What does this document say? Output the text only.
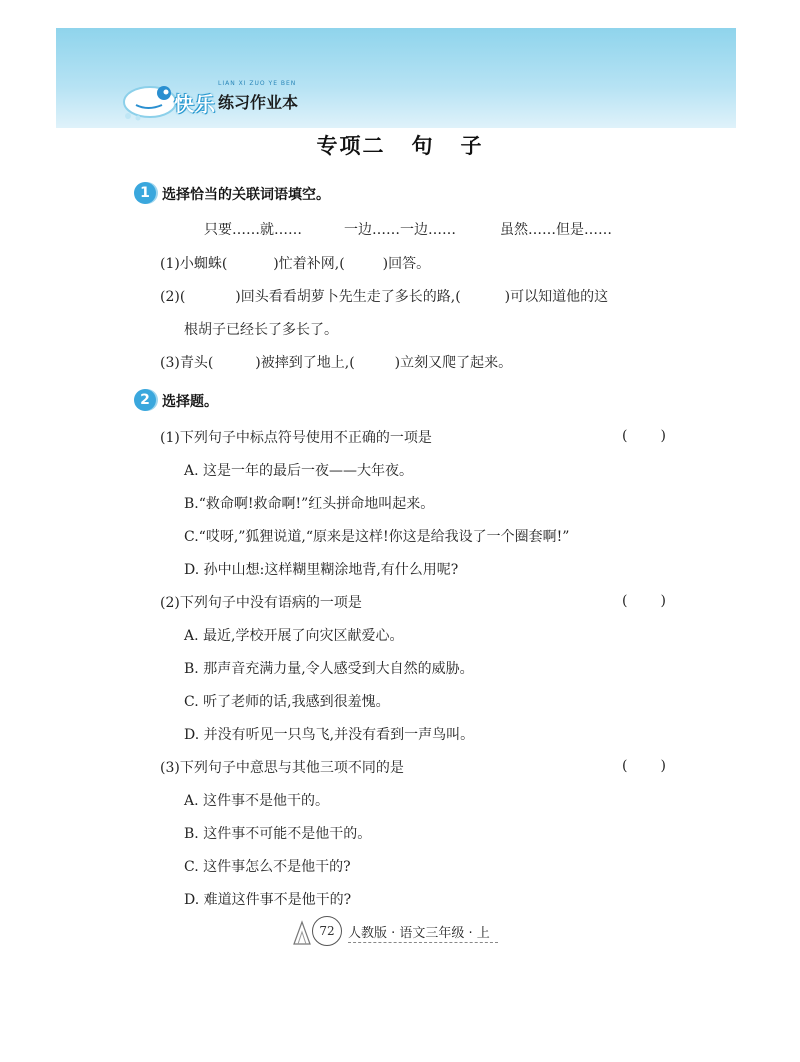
快乐
LIAN XI ZUO YE BEN
练习作业本
专项二 句 子
1 选择恰当的关联词语填空。
只要……就……	一边……一边……	虽然……但是……
(1)小蜘蛛(	)忙着补网,(	)回答。
(2)(	)回头看看胡萝卜先生走了多长的路,(	)可以知道他的这
根胡子已经长了多长了。
(3)青头(	)被摔到了地上,(	)立刻又爬了起来。
2 选择题。
(1)下列句子中标点符号使用不正确的一项是	( )
A. 这是一年的最后一夜——大年夜。
B.“救命啊!救命啊!”红头拼命地叫起来。
C.“哎呀,”狐狸说道,“原来是这样!你这是给我设了一个圈套啊!”
D. 孙中山想:这样糊里糊涂地背,有什么用呢?
(2)下列句子中没有语病的一项是	( )
A. 最近,学校开展了向灾区献爱心。
B. 那声音充满力量,令人感受到大自然的威胁。
C. 听了老师的话,我感到很羞愧。
D. 并没有听见一只鸟飞,并没有看到一声鸟叫。
(3)下列句子中意思与其他三项不同的是	( )
A. 这件事不是他干的。
B. 这件事不可能不是他干的。
C. 这件事怎么不是他干的?
D. 难道这件事不是他干的?
72	人教版 · 语文三年级 · 上
